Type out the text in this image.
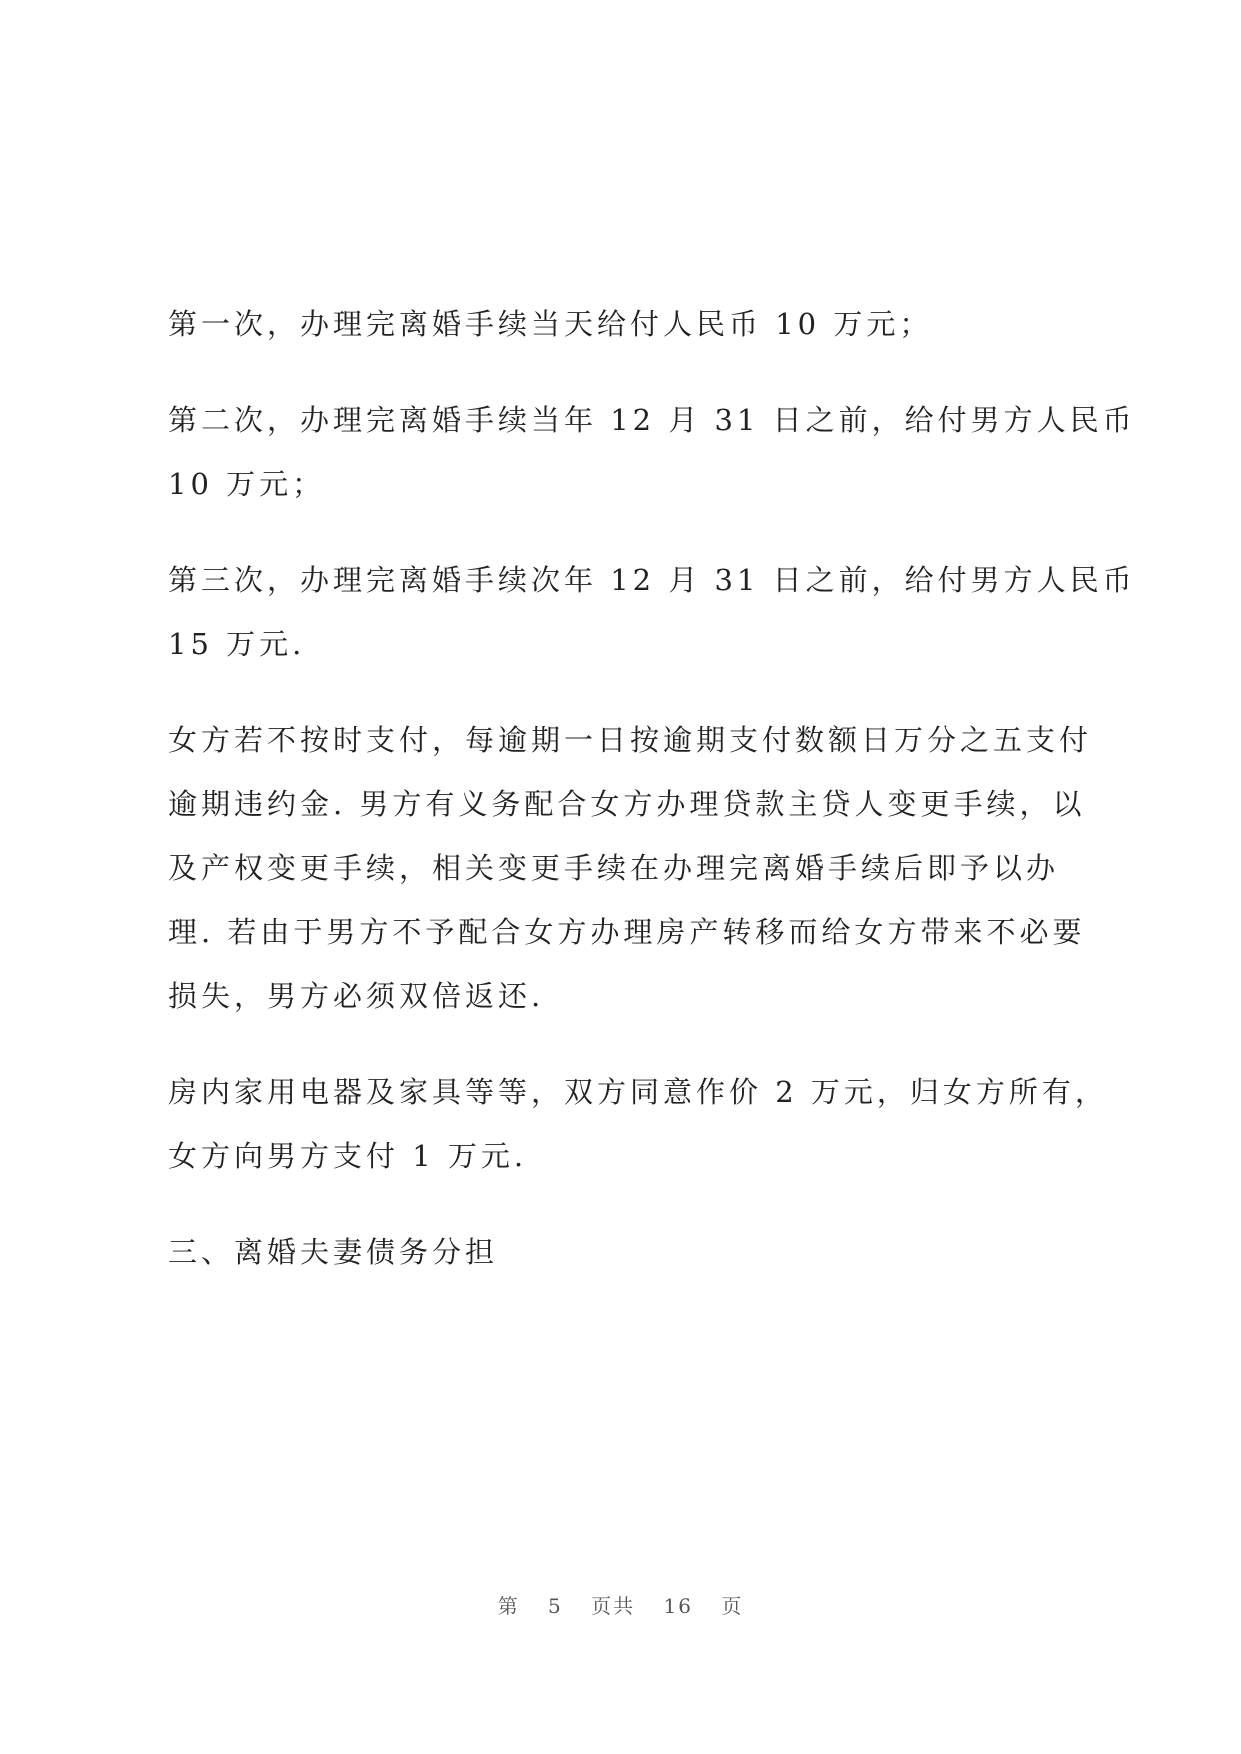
第一次，办理完离婚手续当天给付人民币 10 万元；

第二次，办理完离婚手续当年 12 月 31 日之前，给付男方人民币
10 万元；

第三次，办理完离婚手续次年 12 月 31 日之前，给付男方人民币
15 万元.

女方若不按时支付，每逾期一日按逾期支付数额日万分之五支付
逾期违约金. 男方有义务配合女方办理贷款主贷人变更手续，以
及产权变更手续，相关变更手续在办理完离婚手续后即予以办
理. 若由于男方不予配合女方办理房产转移而给女方带来不必要
损失，男方必须双倍返还.

房内家用电器及家具等等，双方同意作价 2 万元，归女方所有，
女方向男方支付 1 万元.

三、离婚夫妻债务分担

第 5 页共 16 页
